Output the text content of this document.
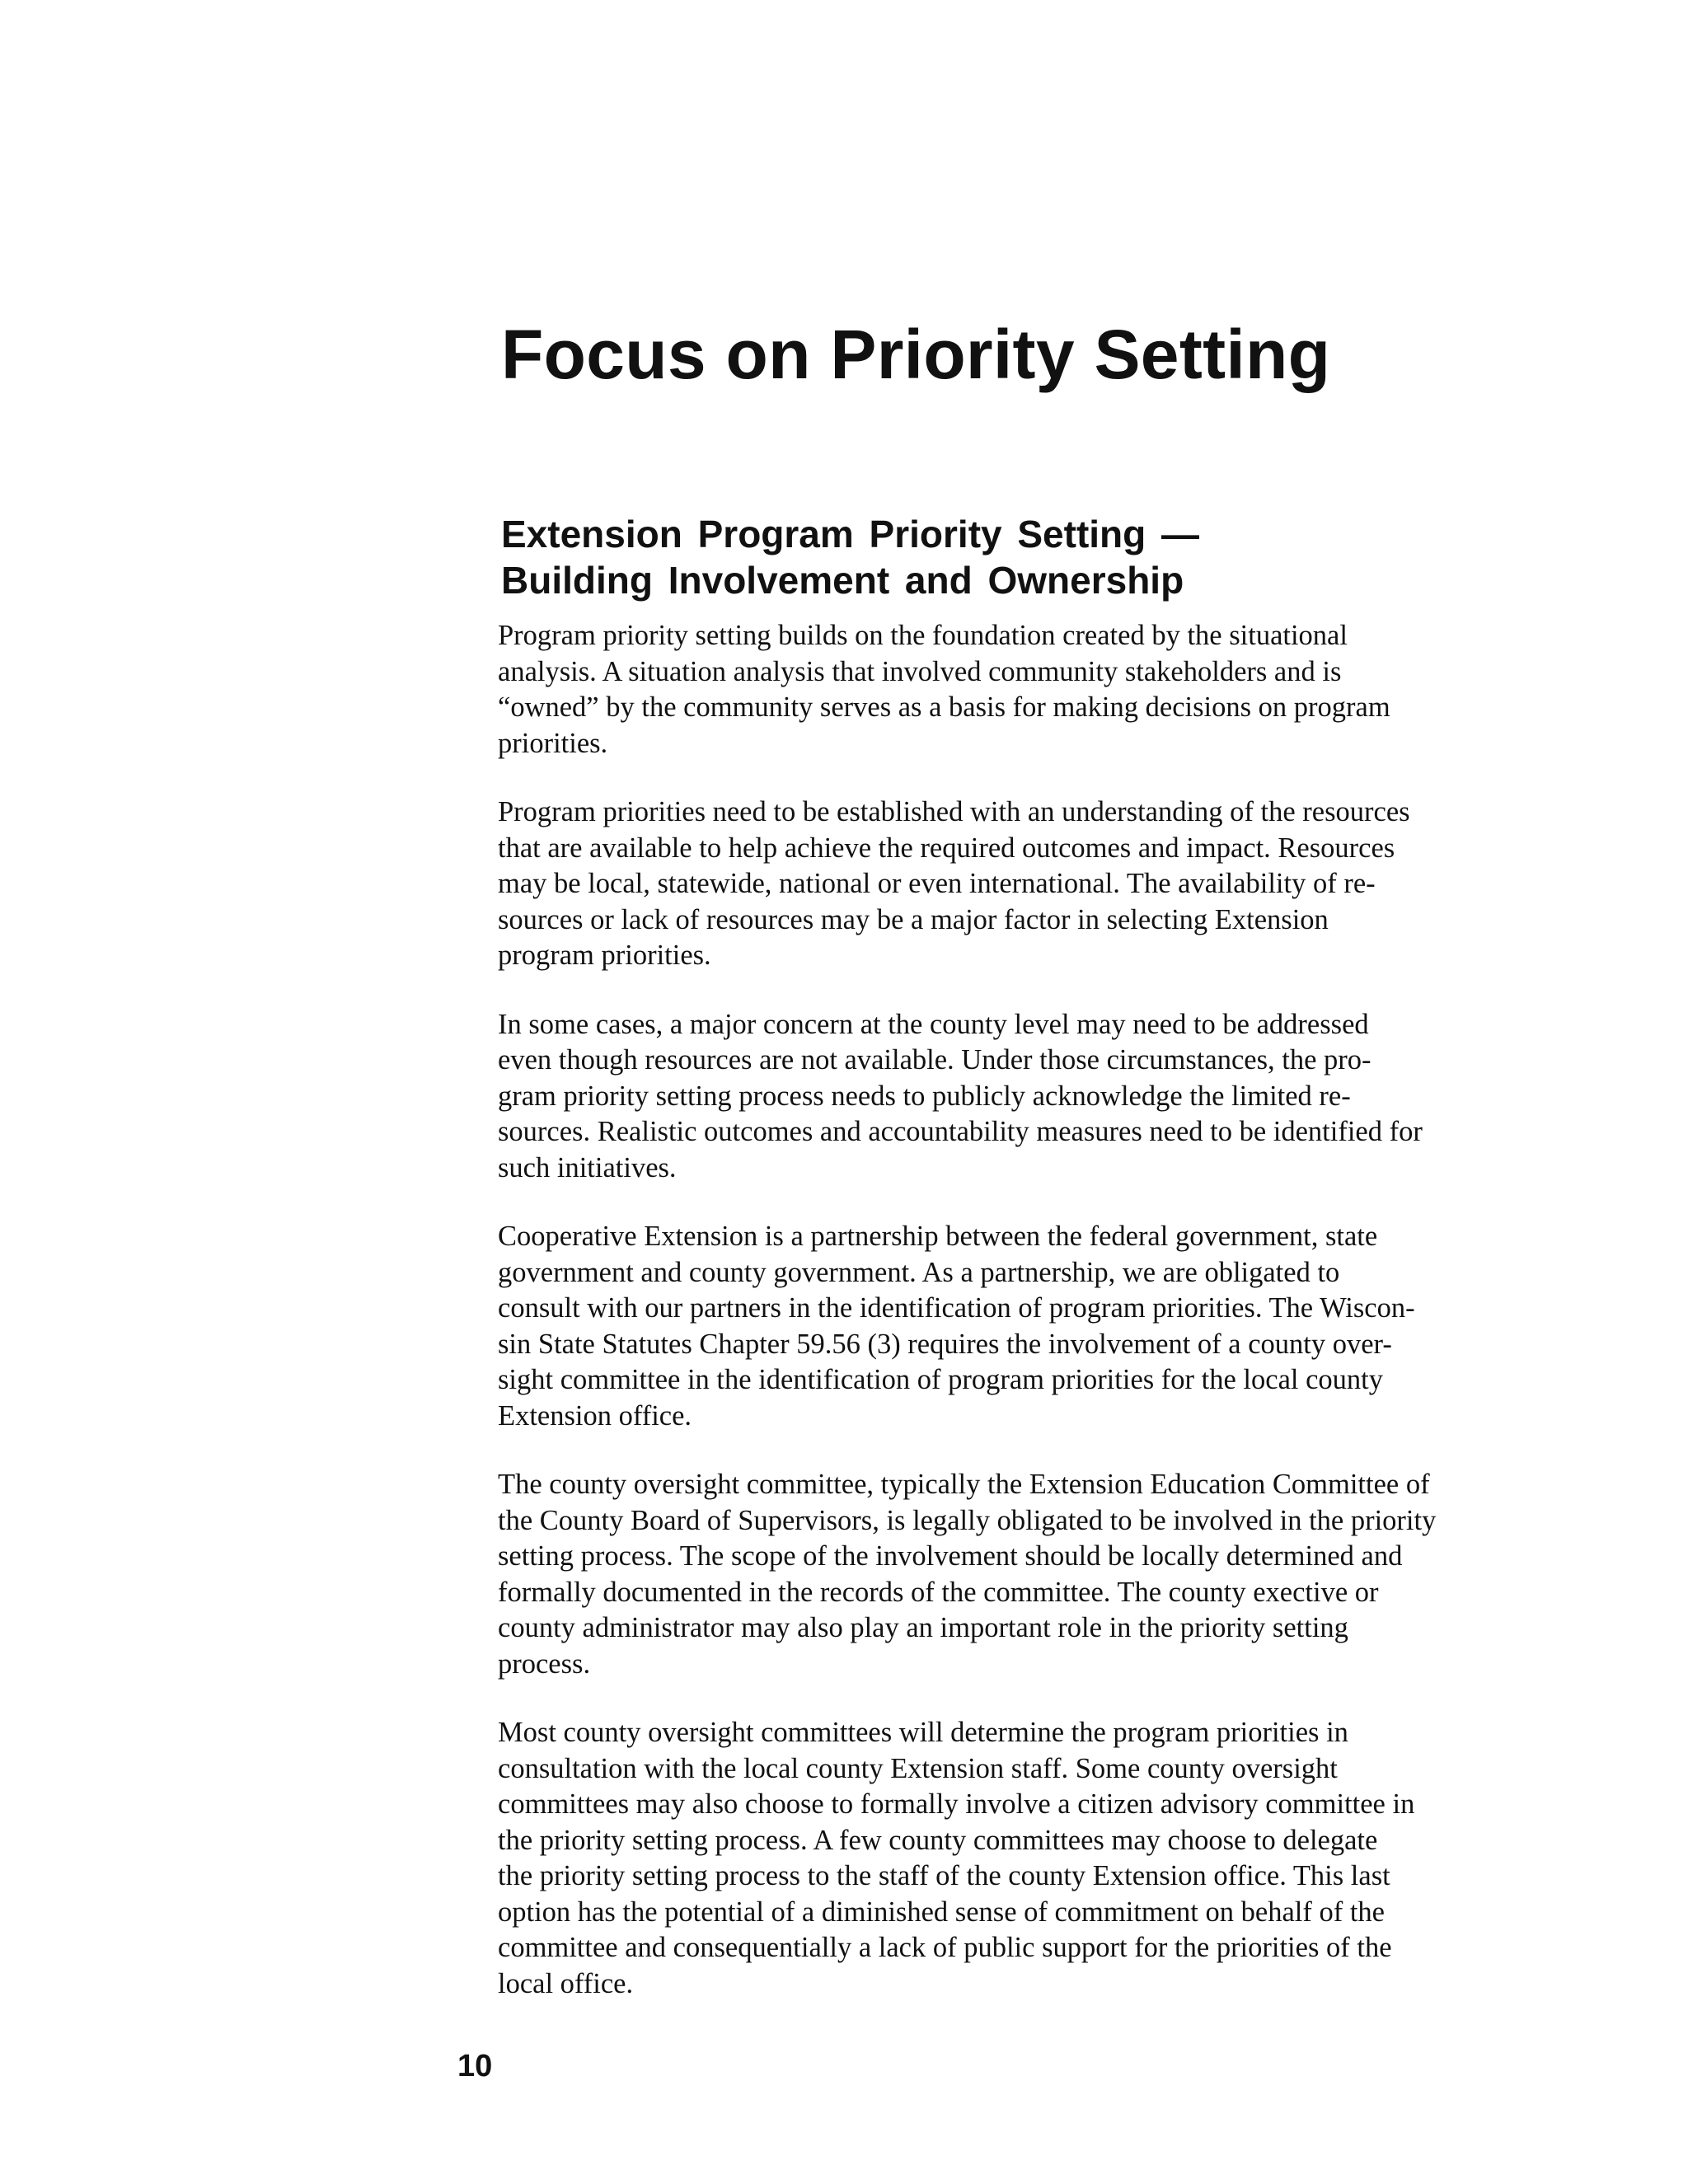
Focus on Priority Setting
Extension Program Priority Setting —
Building Involvement and Ownership

Program priority setting builds on the foundation created by the situational
analysis. A situation analysis that involved community stakeholders and is
“owned” by the community serves as a basis for making decisions on program
priorities.

Program priorities need to be established with an understanding of the resources
that are available to help achieve the required outcomes and impact. Resources
may be local, statewide, national or even international. The availability of re-
sources or lack of resources may be a major factor in selecting Extension
program priorities.

In some cases, a major concern at the county level may need to be addressed
even though resources are not available. Under those circumstances, the pro-
gram priority setting process needs to publicly acknowledge the limited re-
sources. Realistic outcomes and accountability measures need to be identified for
such initiatives.

Cooperative Extension is a partnership between the federal government, state
government and county government. As a partnership, we are obligated to
consult with our partners in the identification of program priorities. The Wiscon-
sin State Statutes Chapter 59.56 (3) requires the involvement of a county over-
sight committee in the identification of program priorities for the local county
Extension office.

The county oversight committee, typically the Extension Education Committee of
the County Board of Supervisors, is legally obligated to be involved in the priority
setting process. The scope of the involvement should be locally determined and
formally documented in the records of the committee. The county exective or
county administrator may also play an important role in the priority setting
process.

Most county oversight committees will determine the program priorities in
consultation with the local county Extension staff. Some county oversight
committees may also choose to formally involve a citizen advisory committee in
the priority setting process. A few county committees may choose to delegate
the priority setting process to the staff of the county Extension office. This last
option has the potential of a diminished sense of commitment on behalf of the
committee and consequentially a lack of public support for the priorities of the
local office.

10
